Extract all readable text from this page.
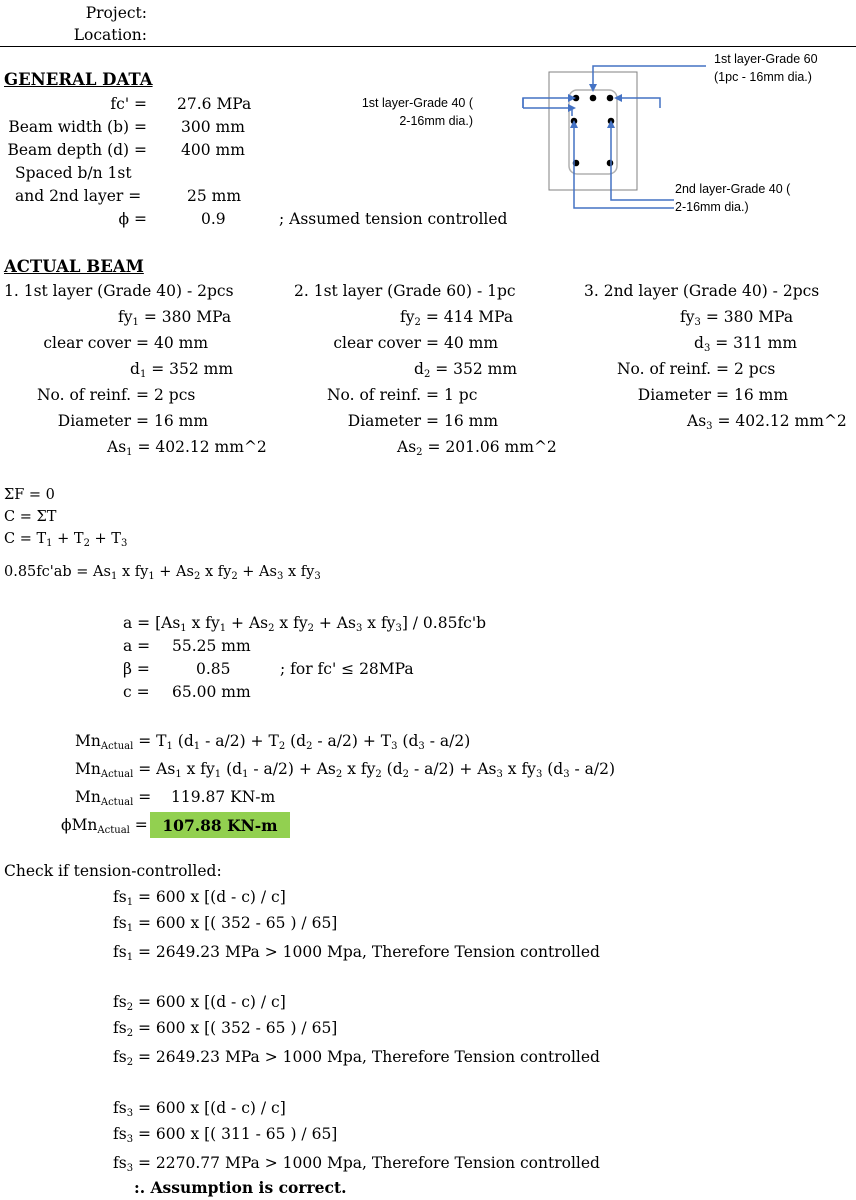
Project:
Location:
1st layer-Grade 60
(1pc - 16mm dia.)
1st layer-Grade 40 (
2-16mm dia.)
2nd layer-Grade 40 (
2-16mm dia.)
GENERAL DATA
fc' = 27.6 MPa
Beam width (b) = 300 mm
Beam depth (d) = 400 mm
Spaced b/n 1st
and 2nd layer =	25 mm
ϕ =	0.9	; Assumed tension controlled
ACTUAL BEAM
1. 1st layer (Grade 40) - 2pcs
$fy_1 = 380$ MPa
clear cover = 40 mm
$d_1 = 352$ mm
No. of reinf. = 2 pcs
Diameter = 16 mm
$As_1 = 402.12$ mm^2
2. 1st layer (Grade 60) - 1pc
$fy_2 = 414$ MPa
clear cover = 40 mm
$d_2 = 352$ mm
No. of reinf. = 1 pc
Diameter = 16 mm
$As_2 = 201.06$ mm^2
3. 2nd layer (Grade 40) - 2pcs
$fy_3 = 380$ MPa
$d_3 = 311$ mm
No. of reinf. = 2 pcs
Diameter = 16 mm
$As_3 = 402.12$ mm^2
ΣF = 0
C = ΣT
$C = T_1 + T_2 + T_3$
$0.85fc'ab = As_1$ x $fy_1 + As_2$ x $fy_2 + As_3$ x $fy_3$
$a = [As_1$ x $fy_1 + As_2$ x $fy_2 + As_3$ x $fy_3] / 0.85fc'b$
a = 55.25 mm
β =	0.85	; for fc' ≤ 28MPa
c = 65.00 mm
$Mn_{Actual} = T_1$ $(d_1 - a/2) + T_2$ $(d_2 - a/2) + T_3$ $(d_3 - a/2)$
$Mn_{Actual} = As_1$ x $fy_1$ $(d_1 - a/2) + As_2$ x $fy_2$ $(d_2 - a/2) + As_3$ x $fy_3$ $(d_3 - a/2)$
$Mn_{Actual} = 119.87$ KN-m
ϕMn$_{Actual}$ = 107.88 KN-m
Check if tension-controlled:
$fs_1 = 600$ x [(d - c) / c]
$fs_1 = 600$ x [( 352 - 65 ) / 65]
$fs_1 = 2649.23$ MPa > 1000 Mpa, Therefore Tension controlled
$fs_2 = 600$ x [(d - c) / c]
$fs_2 = 600$ x [( 352 - 65 ) / 65]
$fs_2 = 2649.23$ MPa > 1000 Mpa, Therefore Tension controlled
$fs_3 = 600$ x [(d - c) / c]
$fs_3 = 600$ x [( 311 - 65 ) / 65]
$fs_3 = 2270.77$ MPa > 1000 Mpa, Therefore Tension controlled
:. Assumption is correct.
